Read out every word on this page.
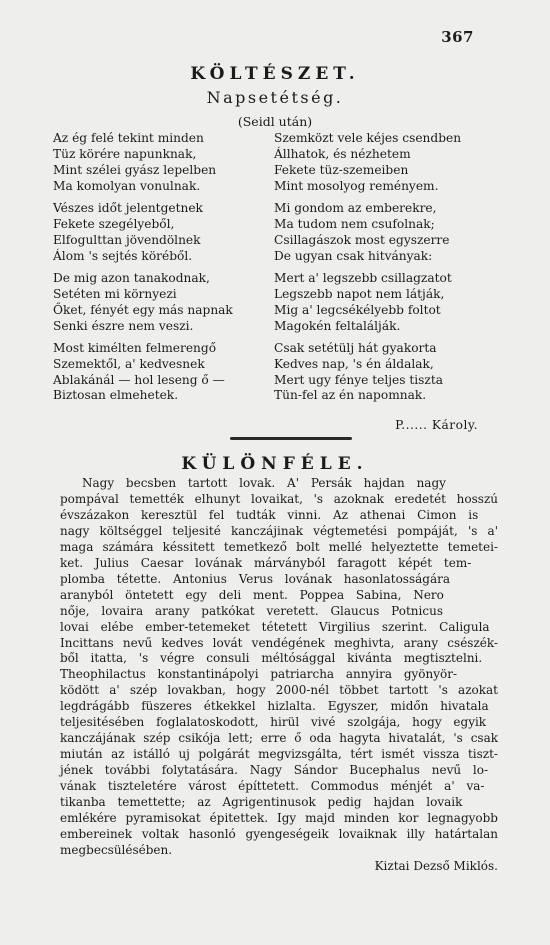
367
KÖLTÉSZET.
Napsetétség.
(Seidl után)
Az ég felé tekint minden
Tüz körére napunknak,
Mint szélei gyász lepelben
Ma komolyan vonulnak.
Vészes időt jelentgetnek
Fekete szegélyeből,
Elfogulttan jövendölnek
Álom 's sejtés köréből.
De mig azon tanakodnak,
Setéten mi környezi
Őket, fényét egy más napnak
Senki észre nem veszi.
Most kimélten felmerengő
Szemektől, a' kedvesnek
Ablakánál — hol leseng ő —
Biztosan elmehetek.
Szemközt vele kéjes csendben
Állhatok, és nézhetem
Fekete tüz-szemeiben
Mint mosolyog reményem.
Mi gondom az emberekre,
Ma tudom nem csufolnak;
Csillagászok most egyszerre
De ugyan csak hitványak:
Mert a' legszebb csillagzatot
Legszebb napot nem látják,
Mig a' legcsékélyebb foltot
Magokén feltalálják.
Csak setétülj hát gyakorta
Kedves nap, 's én áldalak,
Mert ugy fénye teljes tiszta
Tün-fel az én napomnak.
P...... Károly.
KÜLÖNFÉLE.
Nagy becsben tartott lovak. A' Persák hajdan nagy
pompával temették elhunyt lovaikat, 's azoknak eredetét hosszú
évszázakon keresztül fel tudták vinni. Az athenai Cimon is
nagy költséggel teljesité kanczájinak végtemetési pompáját, 's a'
maga számára késsitett temetkező bolt mellé helyeztette temetei-
ket. Julius Caesar lovának márványból faragott képét tem-
plomba tétette. Antonius Verus lovának hasonlatosságára
aranyból öntetett egy deli ment. Poppea Sabina, Nero
nője, lovaira arany patkókat veretett. Glaucus Potnicus
lovai elébe ember-tetemeket tétetett Virgilius szerint. Caligula
Incittans nevű kedves lovát vendégének meghivta, arany csészék-
ből itatta, 's végre consuli méltósággal kivánta megtisztelni.
Theophilactus konstantinápolyi patriarcha annyira gyönyör-
ködött a' szép lovakban, hogy 2000-nél többet tartott 's azokat
legdrágább füszeres étkekkel hizlalta. Egyszer, midőn hivatala
teljesitésében foglalatoskodott, hirül vivé szolgája, hogy egyik
kanczájának szép csikója lett; erre ő oda hagyta hivatalát, 's csak
miután az istálló uj polgárát megvizsgálta, tért ismét vissza tiszt-
jének további folytatására. Nagy Sándor Bucephalus nevű lo-
vának tiszteletére várost építtetett. Commodus ménjét a' va-
tikanba temettette; az Agrigentinusok pedig hajdan lovaik
emlékére pyramisokat épitettek. Igy majd minden kor legnagyobb
embereinek voltak hasonló gyengeségeik lovaiknak illy határtalan
megbecsülésében.
Kiztai Dezső Miklós.
